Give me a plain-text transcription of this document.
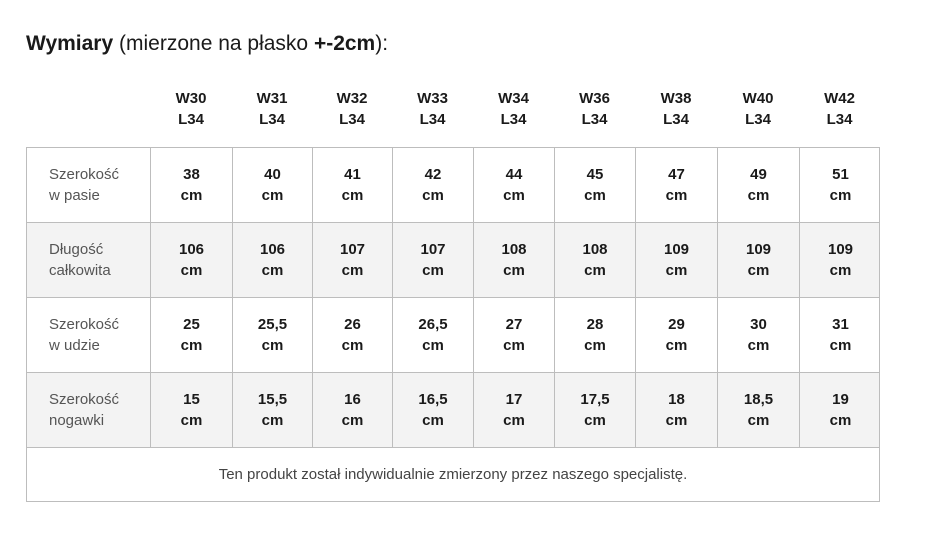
Wymiary (mierzone na płasko +-2cm):
W30
L34
W31
L34
W32
L34
W33
L34
W34
L34
W36
L34
W38
L34
W40
L34
W42
L34
Szerokość
nogawki
15
cm
15,5
cm
16
cm
16,5
cm
17
cm
17,5
cm
18
cm
18,5
cm
19
cm
Szerokość
w udzie
25
cm
25,5
cm
26
cm
26,5
cm
27
cm
28
cm
29
cm
30
cm
31
cm
Długość
całkowita
106
cm
106
cm
107
cm
107
cm
108
cm
108
cm
109
cm
109
cm
109
cm
Szerokość
w pasie
38
cm
40
cm
41
cm
42
cm
44
cm
45
cm
47
cm
49
cm
51
cm
Ten produkt został indywidualnie zmierzony przez naszego specjalistę.
